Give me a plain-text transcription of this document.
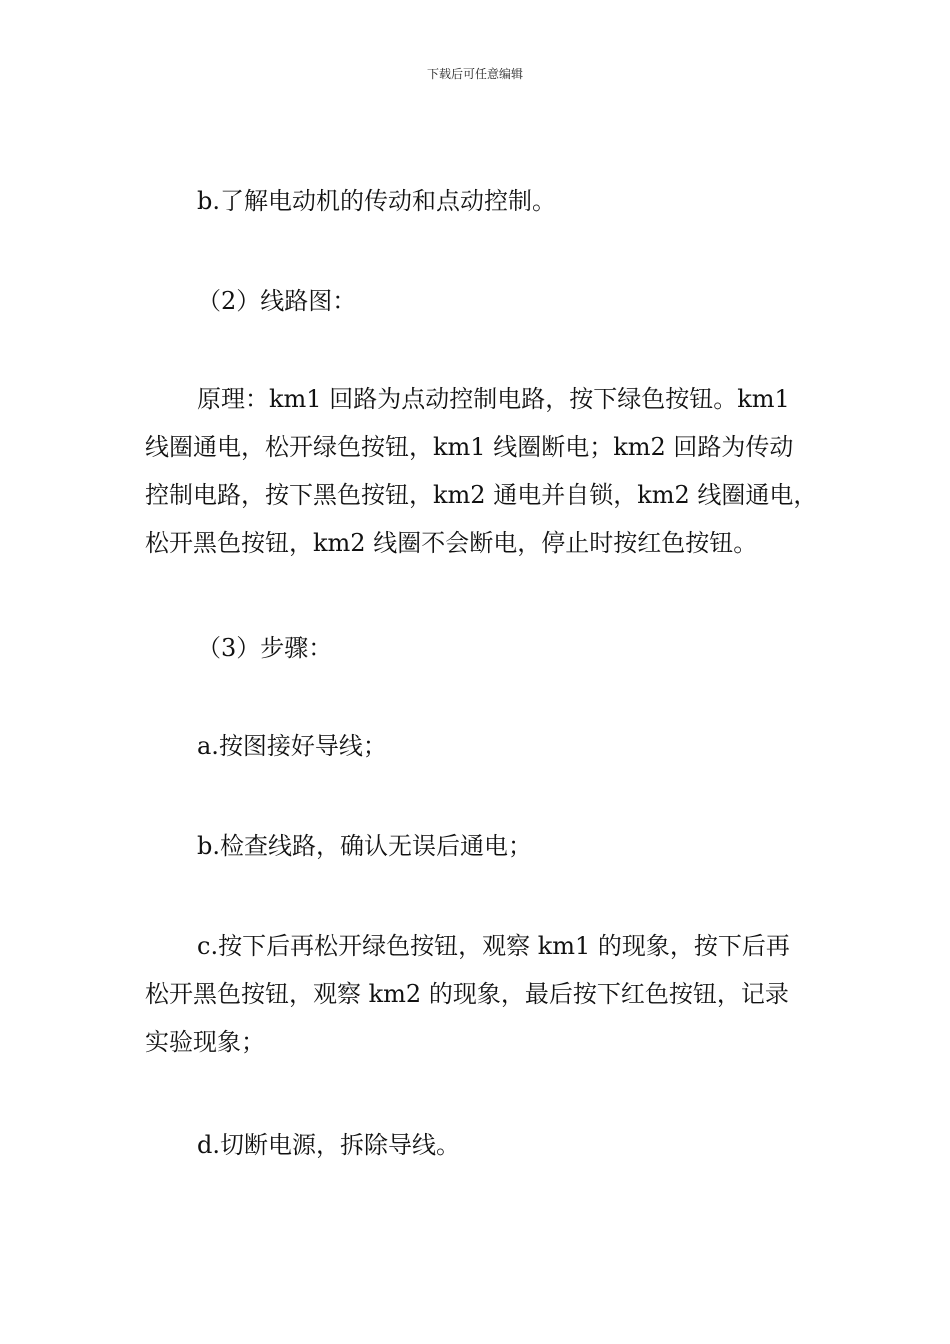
下载后可任意编辑

b.了解电动机的传动和点动控制。

（2）线路图：

原理：km1 回路为点动控制电路，按下绿色按钮。km1
线圈通电，松开绿色按钮，km1 线圈断电；km2 回路为传动
控制电路，按下黑色按钮，km2 通电并自锁，km2 线圈通电，
松开黑色按钮，km2 线圈不会断电，停止时按红色按钮。

（3）步骤：

a.按图接好导线；

b.检查线路，确认无误后通电；

c.按下后再松开绿色按钮，观察 km1 的现象，按下后再
松开黑色按钮，观察 km2 的现象，最后按下红色按钮，记录
实验现象；

d.切断电源，拆除导线。
